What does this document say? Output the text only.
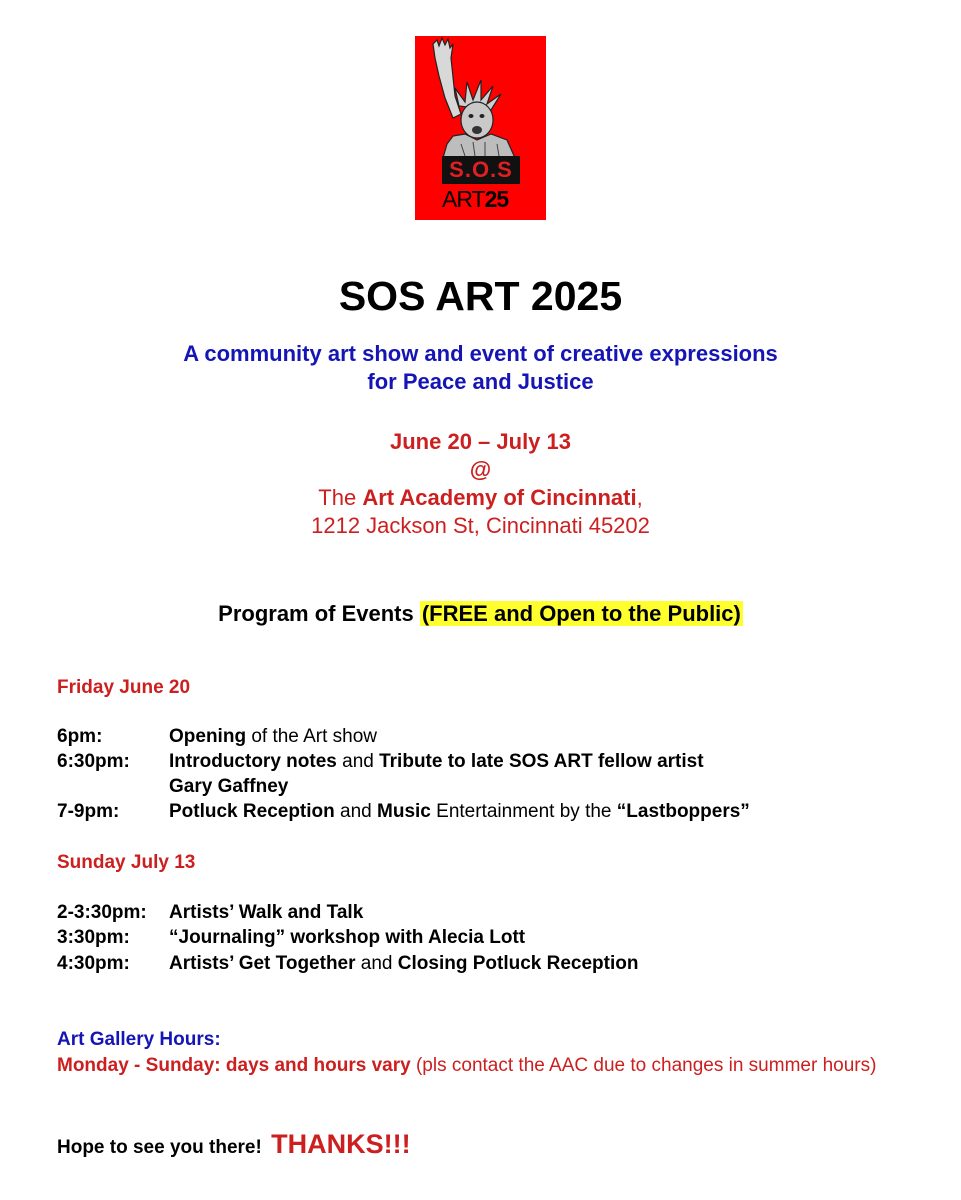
S.O.S
ART25
SOS ART 2025
A community art show and event of creative expressions
for Peace and Justice
June 20 – July 13
@
The Art Academy of Cincinnati,
1212 Jackson St, Cincinnati 45202
Program of Events (FREE and Open to the Public)
Friday June 20
6pm:	Opening of the Art show
6:30pm: Introductory notes and Tribute to late SOS ART fellow artist
Gary Gaffney
7-9pm:	Potluck Reception and Music Entertainment by the “Lastboppers”
Sunday July 13
2-3:30pm: Artists’ Walk and Talk
3:30pm: “Journaling” workshop with Alecia Lott
4:30pm: Artists’ Get Together and Closing Potluck Reception
Art Gallery Hours:
Monday - Sunday: days and hours vary (pls contact the AAC due to changes in summer hours)
Hope to see you there! THANKS!!!
